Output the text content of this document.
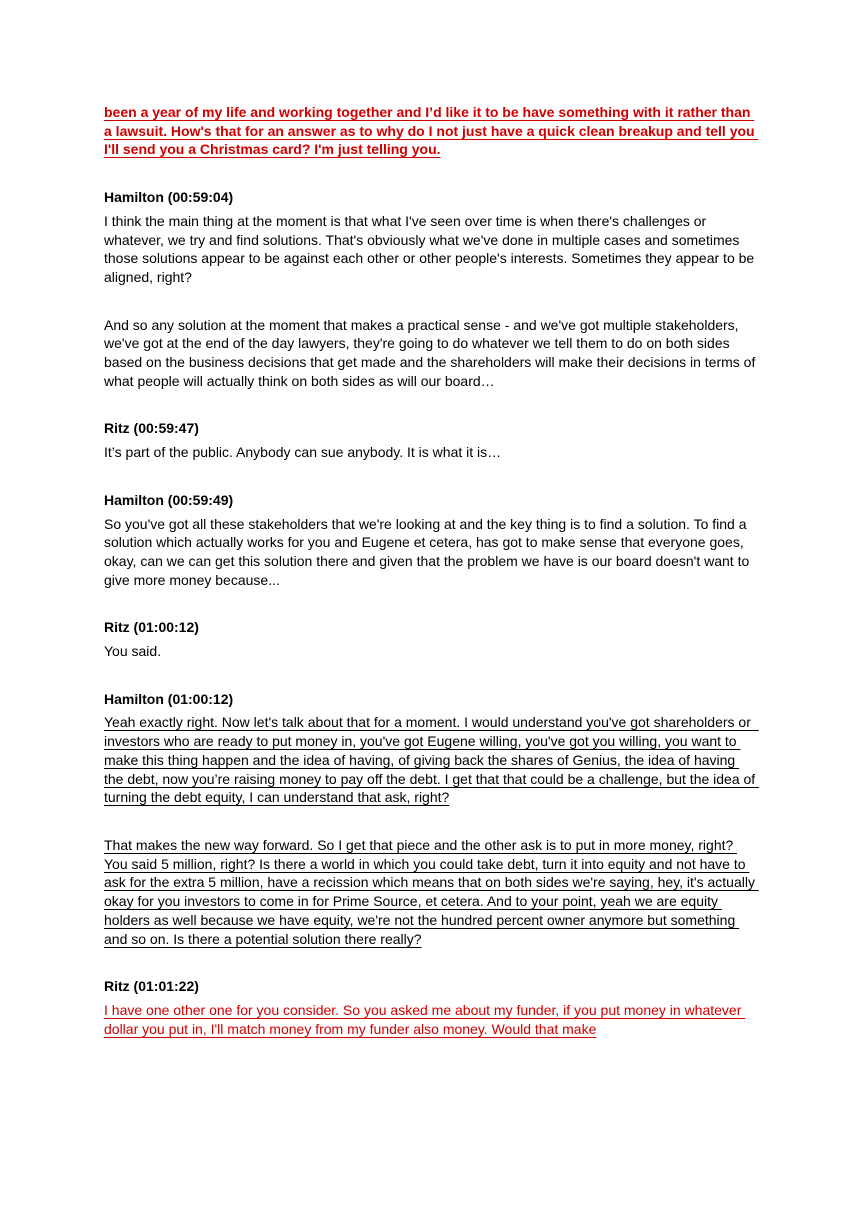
been a year of my life and working together and I’d like it to be have something with it rather than a lawsuit. How's that for an answer as to why do I not just have a quick clean breakup and tell you I'll send you a Christmas card? I'm just telling you.

Hamilton (00:59:04)

I think the main thing at the moment is that what I've seen over time is when there's challenges or whatever, we try and find solutions. That's obviously what we've done in multiple cases and sometimes those solutions appear to be against each other or other people's interests. Sometimes they appear to be aligned, right?

And so any solution at the moment that makes a practical sense - and we've got multiple stakeholders, we've got at the end of the day lawyers, they're going to do whatever we tell them to do on both sides based on the business decisions that get made and the shareholders will make their decisions in terms of what people will actually think on both sides as will our board…

Ritz (00:59:47)

It’s part of the public. Anybody can sue anybody. It is what it is…

Hamilton (00:59:49)

So you've got all these stakeholders that we're looking at and the key thing is to find a solution. To find a solution which actually works for you and Eugene et cetera, has got to make sense that everyone goes, okay, can we can get this solution there and given that the problem we have is our board doesn't want to give more money because...

Ritz (01:00:12)

You said.

Hamilton (01:00:12)

Yeah exactly right. Now let's talk about that for a moment. I would understand you've got shareholders or  investors who are ready to put money in, you've got Eugene willing, you've got you willing, you want to make this thing happen and the idea of having, of giving back the shares of Genius, the idea of having the debt, now you’re raising money to pay off the debt. I get that that could be a challenge, but the idea of turning the debt equity, I can understand that ask, right?

That makes the new way forward. So I get that piece and the other ask is to put in more money, right? You said 5 million, right? Is there a world in which you could take debt, turn it into equity and not have to ask for the extra 5 million, have a recission which means that on both sides we're saying, hey, it's actually okay for you investors to come in for Prime Source, et cetera. And to your point, yeah we are equity holders as well because we have equity, we're not the hundred percent owner anymore but something and so on. Is there a potential solution there really?

Ritz (01:01:22)

I have one other one for you consider. So you asked me about my funder, if you put money in whatever dollar you put in, I'll match money from my funder also money. Would that make
